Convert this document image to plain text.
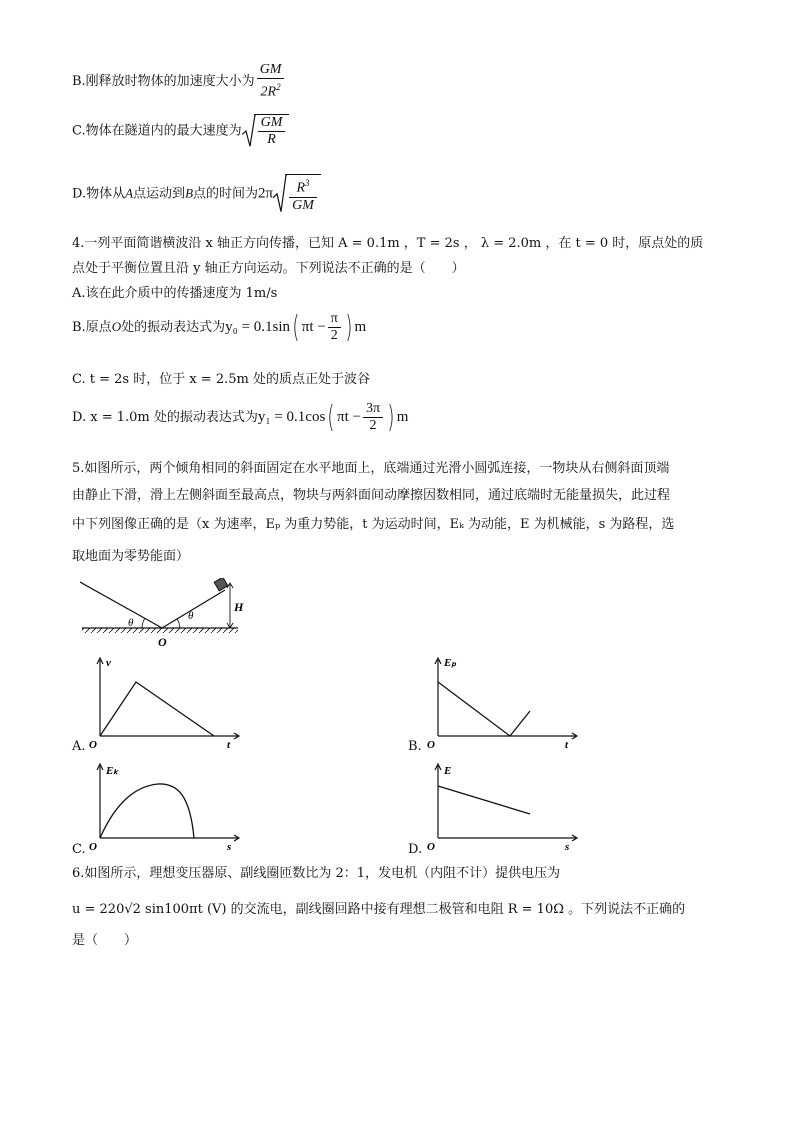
B.刚释放时物体的加速度大小为 $\frac{GM}{2R^2}$
C.物体在隧道内的最大速度为 $\frac{GM}{R}$
D.物体从A点运动到B点的时间为$2\pi \frac{R^3}{GM}$
4.一列平面简谐横波沿 x 轴正方向传播，已知 A = 0.1m ，T = 2s ， λ = 2.0m ，在 t = 0 时，原点处的质
点处于平衡位置且沿 y 轴正方向运动。下列说法不正确的是（　　）
A.该在此介质中的传播速度为 1m/s
B.原点O处的振动表达式为y₀ = 0.1sin( $\pi t - \frac{\pi}{2}$ ) m
C. t = 2s 时，位于 x = 2.5m 处的质点正处于波谷
D. x = 1.0m 处的振动表达式为y₁ = 0.1cos( $\pi t - \frac{3\pi}{2}$ ) m
5.如图所示，两个倾角相同的斜面固定在水平地面上，底端通过光滑小圆弧连接，一物块从右侧斜面顶端
由静止下滑，滑上左侧斜面至最高点，物块与两斜面间动摩擦因数相同，通过底端时无能量损失，此过程
中下列图像正确的是（x 为速率，Eₚ 为重力势能，t 为运动时间，Eₖ 为动能，E 为机械能，s 为路程，选
取地面为零势能面）
θ
θ
O
H
v
t
O
A.
Eₚ
t
O
B.
Eₖ
s
O
C.
E
s
O
D.
6.如图所示，理想变压器原、副线圈匝数比为 2：1，发电机（内阻不计）提供电压为
u = 220√2 sin100πt (V) 的交流电，副线圈回路中接有理想二极管和电阻 R = 10Ω 。下列说法不正确的
是（　　）
